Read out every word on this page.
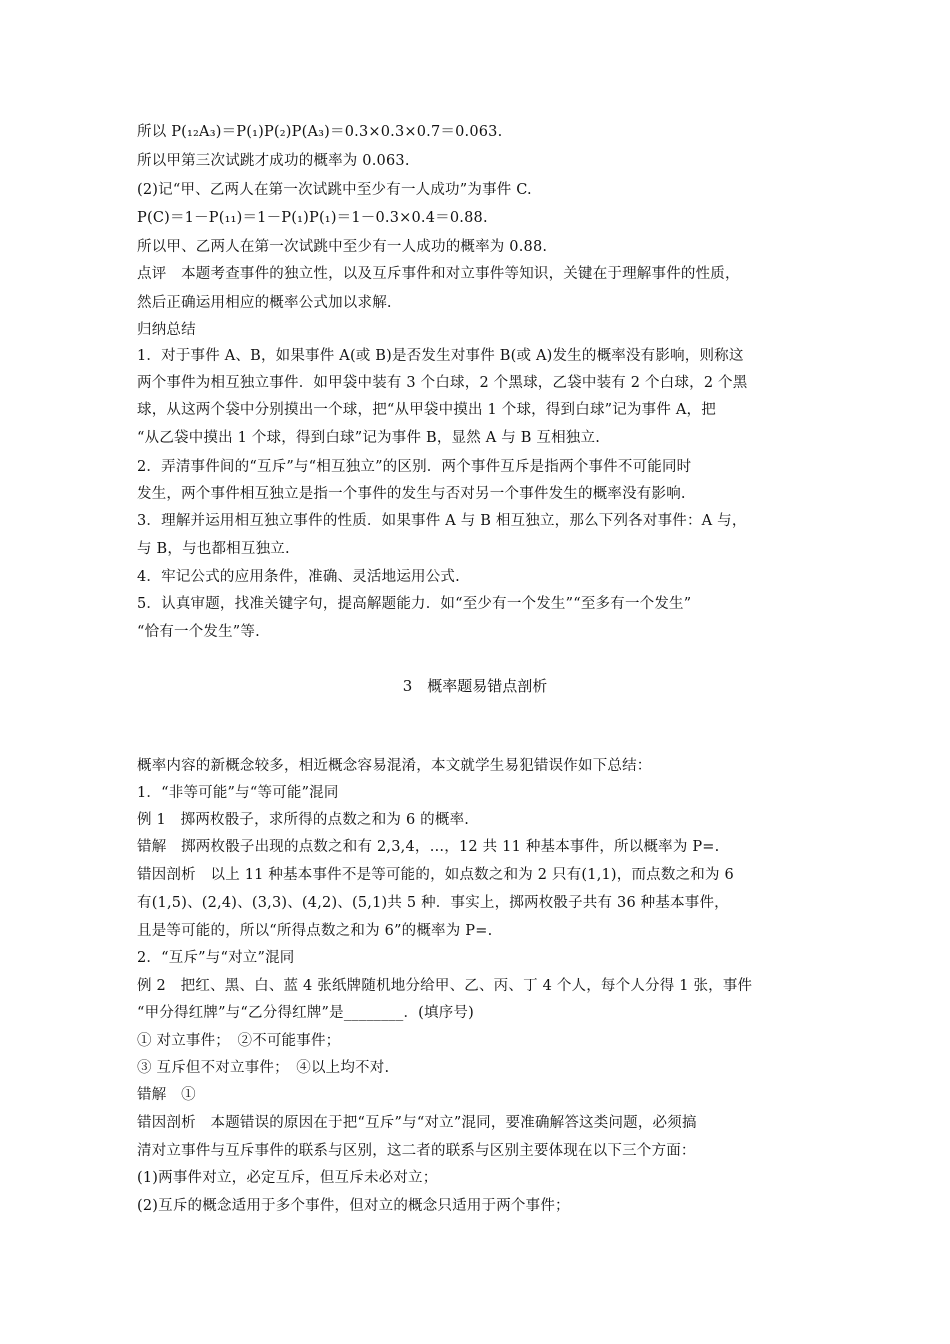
所以 P(₁₂A₃)＝P(₁)P(₂)P(A₃)＝0.3×0.3×0.7＝0.063.
所以甲第三次试跳才成功的概率为 0.063.
(2)记“甲、乙两人在第一次试跳中至少有一人成功”为事件 C.
P(C)＝1－P(₁₁)＝1－P(₁)P(₁)＝1－0.3×0.4＝0.88.
所以甲、乙两人在第一次试跳中至少有一人成功的概率为 0.88.
点评　本题考查事件的独立性，以及互斥事件和对立事件等知识，关键在于理解事件的性质，
然后正确运用相应的概率公式加以求解.
归纳总结
1．对于事件 A、B，如果事件 A(或 B)是否发生对事件 B(或 A)发生的概率没有影响，则称这
两个事件为相互独立事件．如甲袋中装有 3 个白球，2 个黑球，乙袋中装有 2 个白球，2 个黑
球，从这两个袋中分别摸出一个球，把“从甲袋中摸出 1 个球，得到白球”记为事件 A，把
“从乙袋中摸出 1 个球，得到白球”记为事件 B，显然 A 与 B 互相独立.
2．弄清事件间的“互斥”与“相互独立”的区别．两个事件互斥是指两个事件不可能同时
发生，两个事件相互独立是指一个事件的发生与否对另一个事件发生的概率没有影响.
3．理解并运用相互独立事件的性质．如果事件 A 与 B 相互独立，那么下列各对事件：A 与，
与 B，与也都相互独立.
4．牢记公式的应用条件，准确、灵活地运用公式.
5．认真审题，找准关键字句，提高解题能力．如“至少有一个发生”“至多有一个发生”
“恰有一个发生”等.
3　概率题易错点剖析
概率内容的新概念较多，相近概念容易混淆，本文就学生易犯错误作如下总结：
1．“非等可能”与“等可能”混同
例 1　掷两枚骰子，求所得的点数之和为 6 的概率.
错解　掷两枚骰子出现的点数之和有 2,3,4，…，12 共 11 种基本事件，所以概率为 P=.
错因剖析　以上 11 种基本事件不是等可能的，如点数之和为 2 只有(1,1)，而点数之和为 6
有(1,5)、(2,4)、(3,3)、(4,2)、(5,1)共 5 种．事实上，掷两枚骰子共有 36 种基本事件，
且是等可能的，所以“所得点数之和为 6”的概率为 P=.
2．“互斥”与“对立”混同
例 2　把红、黑、白、蓝 4 张纸牌随机地分给甲、乙、丙、丁 4 个人，每个人分得 1 张，事件
“甲分得红牌”与“乙分得红牌”是________．(填序号)
① 对立事件；　②不可能事件；
③ 互斥但不对立事件；　④以上均不对.
错解　①
错因剖析　本题错误的原因在于把“互斥”与“对立”混同，要准确解答这类问题，必须搞
清对立事件与互斥事件的联系与区别，这二者的联系与区别主要体现在以下三个方面：
(1)两事件对立，必定互斥，但互斥未必对立；
(2)互斥的概念适用于多个事件，但对立的概念只适用于两个事件；
